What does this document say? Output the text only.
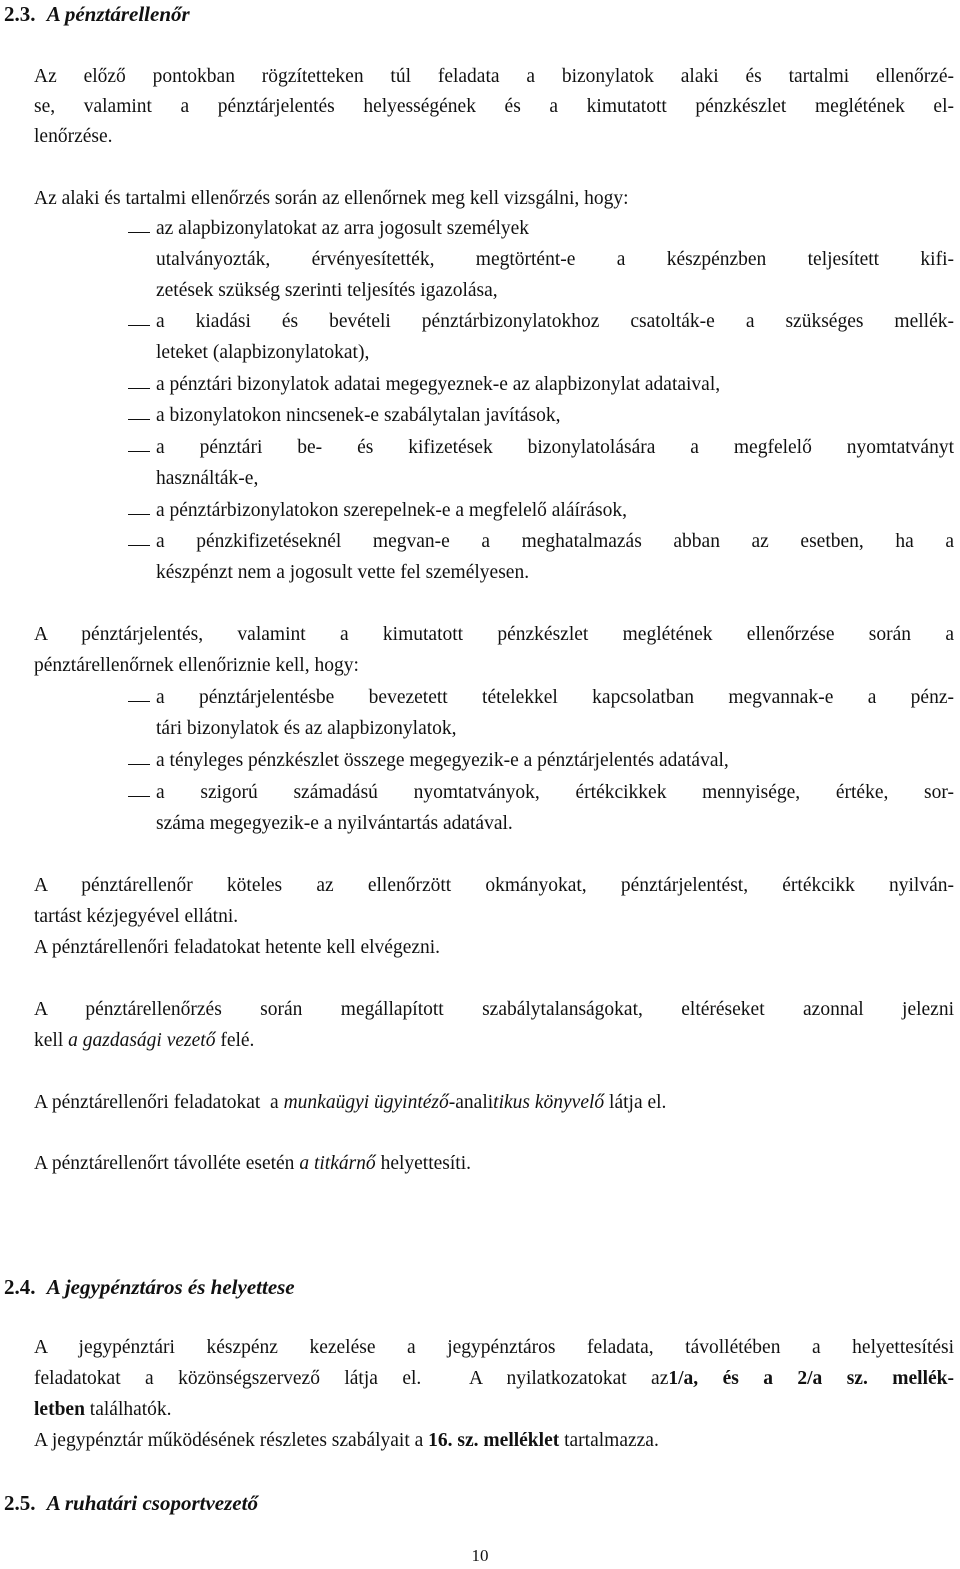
2.3. A pénztárellenőr
Az előző pontokban rögzítetteken túl feladata a bizonylatok alaki és tartalmi ellenőrzé-
se, valamint a pénztárjelentés helyességének és a kimutatott pénzkészlet meglétének el-
lenőrzése.
Az alaki és tartalmi ellenőrzés során az ellenőrnek meg kell vizsgálni, hogy:
az alapbizonylatokat az arra jogosult személyek
utalványozták, érvényesítették, megtörtént-e a készpénzben teljesített kifi-
zetések szükség szerinti teljesítés igazolása,
a kiadási és bevételi pénztárbizonylatokhoz csatolták-e a szükséges mellék-
leteket (alapbizonylatokat),
a pénztári bizonylatok adatai megegyeznek-e az alapbizonylat adataival,
a bizonylatokon nincsenek-e szabálytalan javítások,
a pénztári be- és kifizetések bizonylatolására a megfelelő nyomtatványt
használták-e,
a pénztárbizonylatokon szerepelnek-e a megfelelő aláírások,
a pénzkifizetéseknél megvan-e a meghatalmazás abban az esetben, ha a
készpénzt nem a jogosult vette fel személyesen.
A pénztárjelentés, valamint a kimutatott pénzkészlet meglétének ellenőrzése során a
pénztárellenőrnek ellenőriznie kell, hogy:
a pénztárjelentésbe bevezetett tételekkel kapcsolatban megvannak-e a pénz-
tári bizonylatok és az alapbizonylatok,
a tényleges pénzkészlet összege megegyezik-e a pénztárjelentés adatával,
a szigorú számadású nyomtatványok, értékcikkek mennyisége, értéke, sor-
száma megegyezik-e a nyilvántartás adatával.
A pénztárellenőr köteles az ellenőrzött okmányokat, pénztárjelentést, értékcikk nyilván-
tartást kézjegyével ellátni.
A pénztárellenőri feladatokat hetente kell elvégezni.
A pénztárellenőrzés során megállapított szabálytalanságokat, eltéréseket azonnal jelezni
kell a gazdasági vezető felé.
A pénztárellenőri feladatokat  a munkaügyi ügyintéző-analitikus könyvelő látja el.
A pénztárellenőrt távolléte esetén a titkárnő helyettesíti.
2.4. A jegypénztáros és helyettese
A jegypénztári készpénz kezelése a jegypénztáros feladata, távollétében a helyettesítési
feladatokat a közönségszervező látja el.  A nyilatkozatokat az1/a, és a 2/a sz. mellék-
letben találhatók.
A jegypénztár működésének részletes szabályait a 16. sz. melléklet tartalmazza.
2.5. A ruhatári csoportvezető
10
